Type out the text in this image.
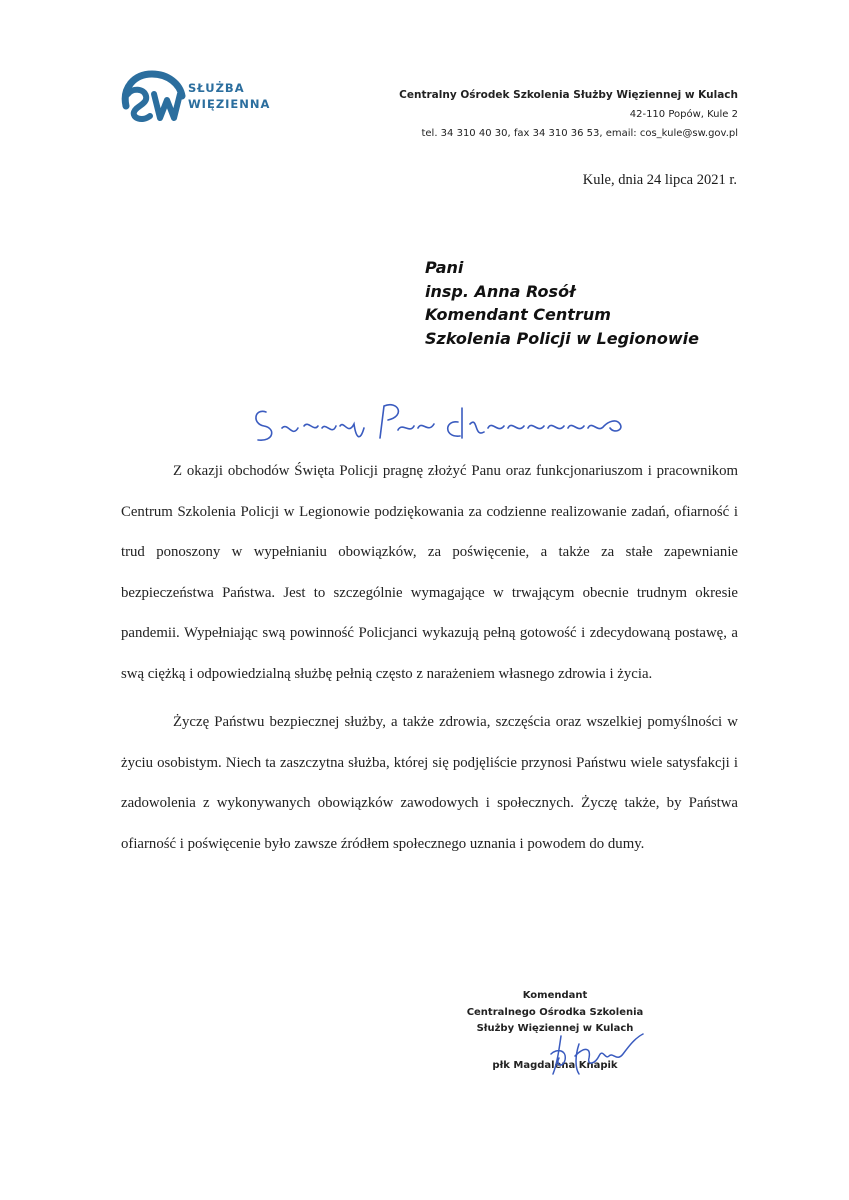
SŁUŻBA
WIĘZIENNA
Centralny Ośrodek Szkolenia Służby Więziennej w Kulach
42-110 Popów, Kule 2
tel. 34 310 40 30, fax 34 310 36 53, email: cos_kule@sw.gov.pl
Kule, dnia 24 lipca 2021 r.
Pani
insp. Anna Rosół
Komendant Centrum
Szkolenia Policji w Legionowie

Z okazji obchodów Święta Policji pragnę złożyć Panu oraz funkcjonariuszom i pracownikom Centrum Szkolenia Policji w Legionowie podziękowania za codzienne realizowanie zadań, ofiarność i trud ponoszony w wypełnianiu obowiązków, za poświęcenie, a także za stałe zapewnianie bezpieczeństwa Państwa. Jest to szczególnie wymagające w trwającym obecnie trudnym okresie pandemii. Wypełniając swą powinność Policjanci wykazują pełną gotowość i zdecydowaną postawę, a swą ciężką i odpowiedzialną służbę pełnią często z narażeniem własnego zdrowia i życia.

Życzę Państwu bezpiecznej służby, a także zdrowia, szczęścia oraz wszelkiej pomyślności w życiu osobistym. Niech ta zaszczytna służba, której się podjęliście przynosi Państwu wiele satysfakcji i zadowolenia z wykonywanych obowiązków zawodowych i społecznych. Życzę także, by Państwa ofiarność i poświęcenie było zawsze źródłem społecznego uznania i powodem do dumy.

Komendant
Centralnego Ośrodka Szkolenia
Służby Więziennej w Kulach
płk Magdalena Knapik
